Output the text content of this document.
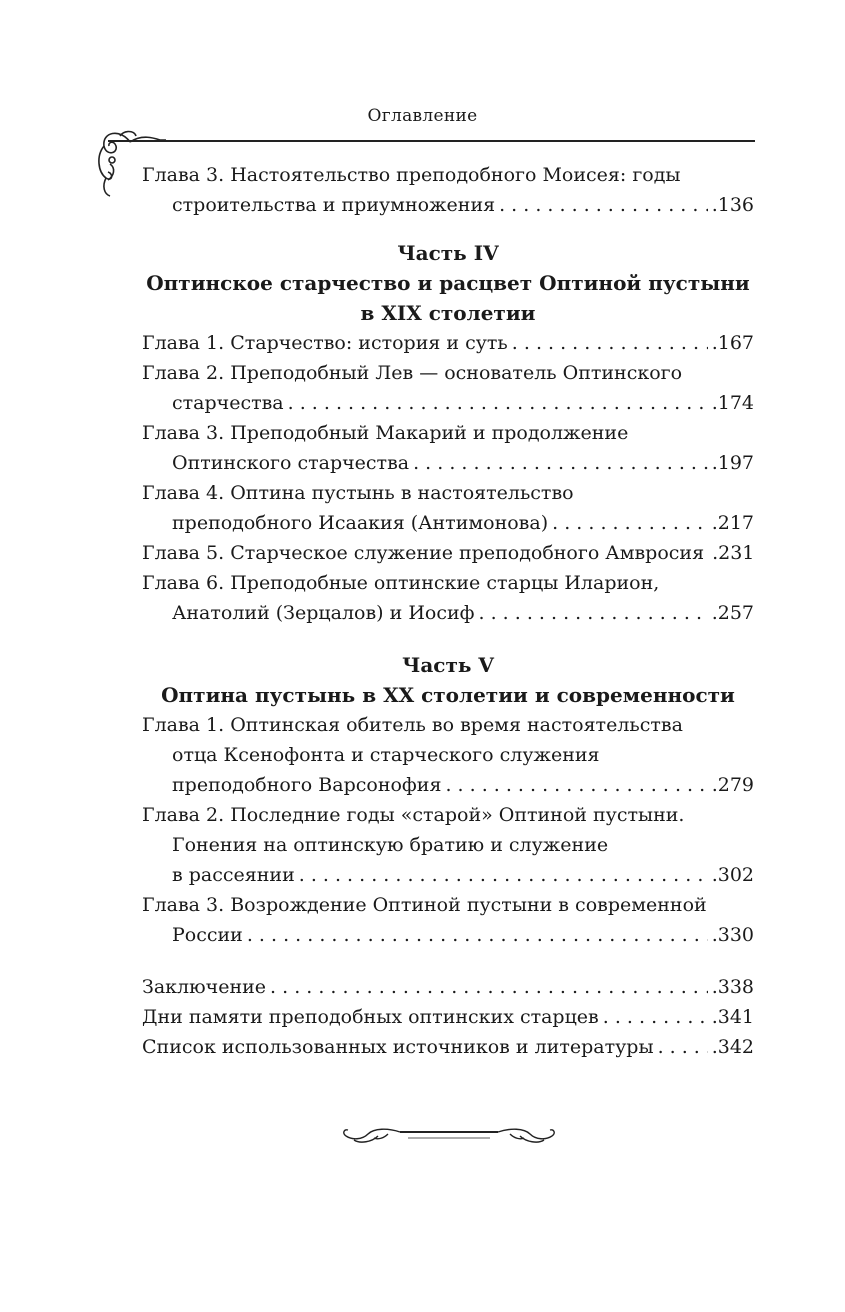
Оглавление
Глава 3. Настоятельство преподобного Моисея: годы
строительства и приумножения . . .	.136
Часть IV
Оптинское старчество и расцвет Оптиной пустыни
в XIX столетии
Глава 1. Старчество: история и суть . . .	.167
Глава 2. Преподобный Лев — основатель Оптинского
старчества . . .	.174
Глава 3. Преподобный Макарий и продолжение
Оптинского старчества . . .	.197
Глава 4. Оптина пустынь в настоятельство
преподобного Исаакия (Антимонова) . . .	.217
Глава 5. Старческое служение преподобного Амвросия .231
Глава 6. Преподобные оптинские старцы Иларион,
Анатолий (Зерцалов) и Иосиф . . .	.257
Часть V
Оптина пустынь в XX столетии и современности
Глава 1. Оптинская обитель во время настоятельства
отца Ксенофонта и старческого служения
преподобного Варсонофия . . .	.279
Глава 2. Последние годы «старой» Оптиной пустыни.
Гонения на оптинскую братию и служение
в рассеянии . . .	.302
Глава 3. Возрождение Оптиной пустыни в современной
России . . .	.330
Заключение . . .	.338
Дни памяти преподобных оптинских старцев . . .	.341
Список использованных источников и литературы . . .	.342
